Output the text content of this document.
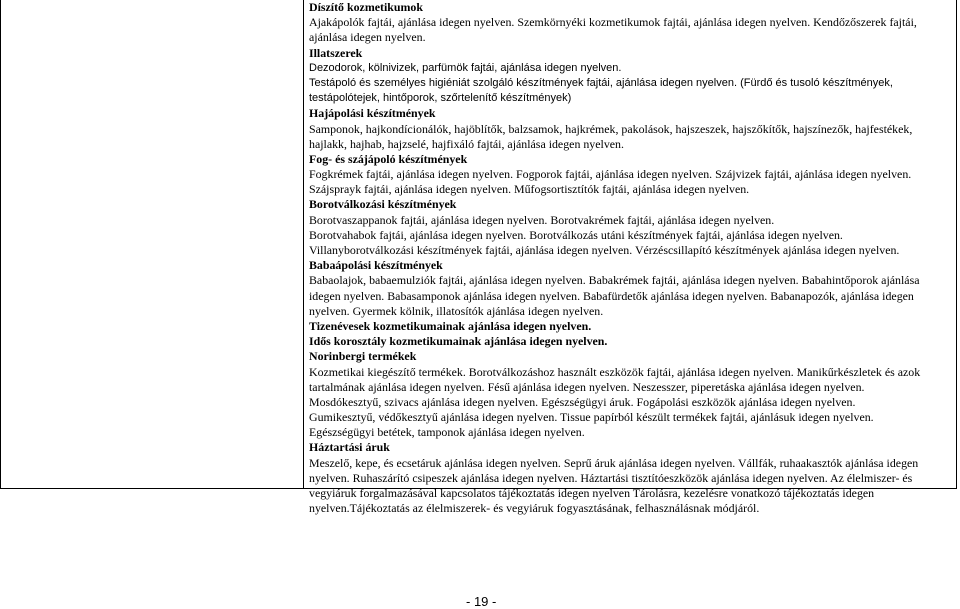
Díszítő kozmetikumok
Ajakápolók fajtái, ajánlása idegen nyelven. Szemkörnyéki kozmetikumok fajtái, ajánlása idegen nyelven. Kendőzőszerek fajtái,
ajánlása idegen nyelven.
Illatszerek
Dezodorok, kölnivizek, parfümök fajtái, ajánlása idegen nyelven.
Testápoló és személyes higiéniát szolgáló készítmények fajtái, ajánlása idegen nyelven. (Fürdő és tusoló készítmények,
testápolótejek, hintőporok, szőrtelenítő készítmények)
Hajápolási készítmények
Samponok, hajkondícionálók, hajöblítők, balzsamok, hajkrémek, pakolások, hajszeszek, hajszőkítők, hajszínezők, hajfestékek,
hajlakk, hajhab, hajzselé, hajfixáló fajtái, ajánlása idegen nyelven.
Fog- és szájápoló készítmények
Fogkrémek fajtái, ajánlása idegen nyelven. Fogporok fajtái, ajánlása idegen nyelven. Szájvizek fajtái, ajánlása idegen nyelven.
Szájsprayk fajtái, ajánlása idegen nyelven. Műfogsortisztítók fajtái, ajánlása idegen nyelven.
Borotválkozási készítmények
Borotvaszappanok fajtái, ajánlása idegen nyelven. Borotvakrémek fajtái, ajánlása idegen nyelven.
Borotvahabok fajtái, ajánlása idegen nyelven. Borotválkozás utáni készítmények fajtái, ajánlása idegen nyelven.
Villanyborotválkozási készítmények fajtái, ajánlása idegen nyelven. Vérzéscsillapító készítmények ajánlása idegen nyelven.
Babaápolási készítmények
Babaolajok, babaemulziók fajtái, ajánlása idegen nyelven. Babakrémek fajtái, ajánlása idegen nyelven. Babahintőporok ajánlása
idegen nyelven. Babasamponok ajánlása idegen nyelven. Babafürdetők ajánlása idegen nyelven. Babanapozók, ajánlása idegen
nyelven. Gyermek kölnik, illatosítók ajánlása idegen nyelven.
Tizenévesek kozmetikumainak ajánlása idegen nyelven.
Idős korosztály kozmetikumainak ajánlása idegen nyelven.
Norinbergi termékek
Kozmetikai kiegészítő termékek. Borotválkozáshoz használt eszközök fajtái, ajánlása idegen nyelven. Manikűrkészletek és azok
tartalmának ajánlása idegen nyelven. Fésű ajánlása idegen nyelven. Neszesszer, piperetáska ajánlása idegen nyelven.
Mosdókesztyű, szivacs ajánlása idegen nyelven. Egészségügyi áruk. Fogápolási eszközök ajánlása idegen nyelven.
Gumikesztyű, védőkesztyű ajánlása idegen nyelven. Tissue papírból készült termékek fajtái, ajánlásuk idegen nyelven.
Egészségügyi betétek, tamponok ajánlása idegen nyelven.
Háztartási áruk
Meszelő, kepe, és ecsetáruk ajánlása idegen nyelven. Seprű áruk ajánlása idegen nyelven. Vállfák, ruhaakasztók ajánlása idegen
nyelven. Ruhaszárító csipeszek ajánlása idegen nyelven. Háztartási tisztítóeszközök ajánlása idegen nyelven. Az élelmiszer- és
vegyiáruk forgalmazásával kapcsolatos tájékoztatás idegen nyelven Tárolásra, kezelésre vonatkozó tájékoztatás idegen
nyelven.Tájékoztatás az élelmiszerek- és vegyiáruk fogyasztásának, felhasználásnak módjáról.
- 19 -
